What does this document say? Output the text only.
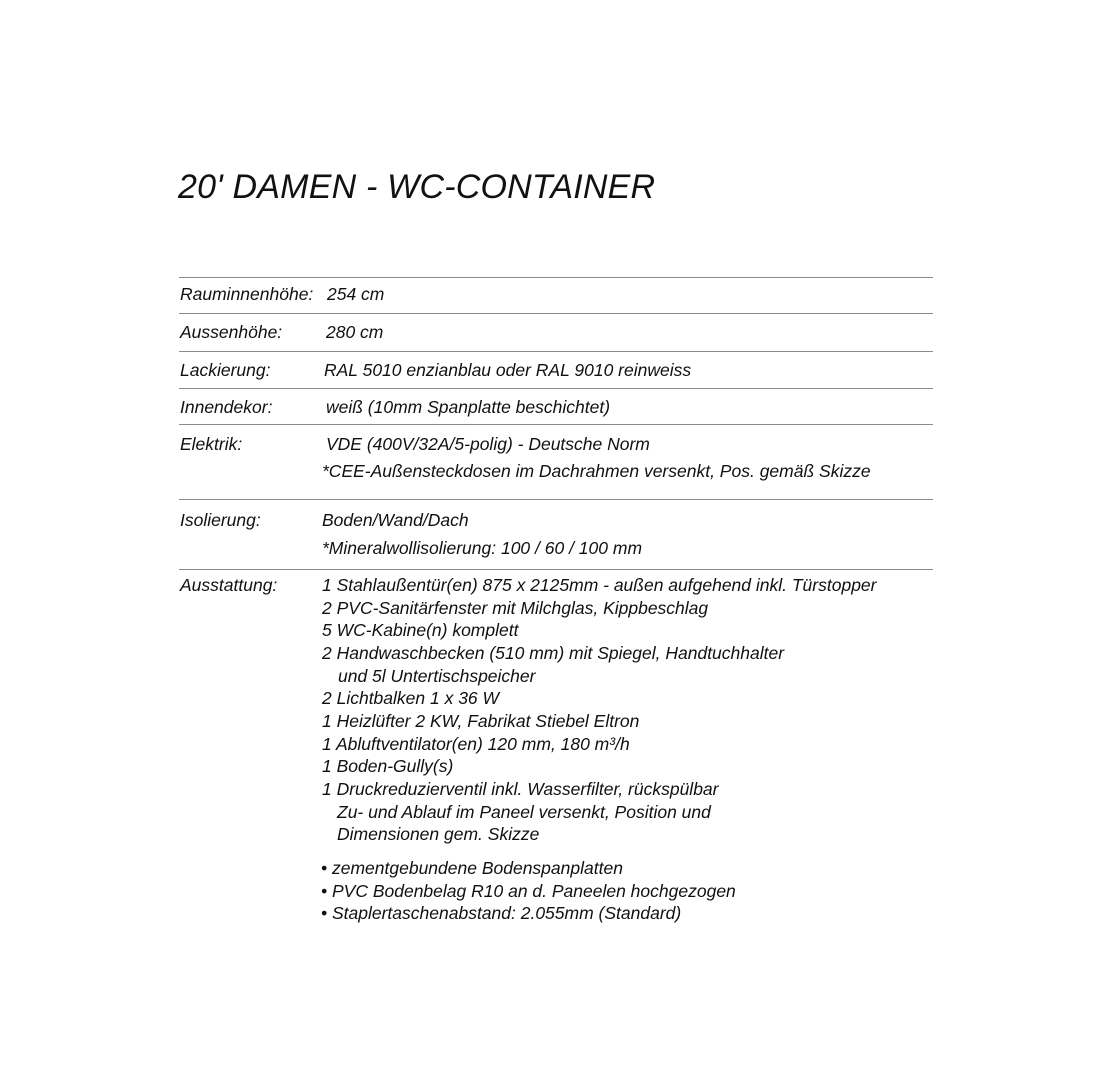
20' DAMEN - WC-CONTAINER
Rauminnenhöhe: 254 cm
Aussenhöhe:	280 cm
Lackierung:	RAL 5010 enzianblau oder RAL 9010 reinweiss
Innendekor:	weiß (10mm Spanplatte beschichtet)
Elektrik:	VDE (400V/32A/5-polig) - Deutsche Norm
*CEE-Außensteckdosen im Dachrahmen versenkt, Pos. gemäß Skizze
Isolierung:	Boden/Wand/Dach
*Mineralwollisolierung: 100 / 60 / 100 mm
Ausstattung:	1 Stahlaußentür(en) 875 x 2125mm - außen aufgehend inkl. Türstopper
2 PVC-Sanitärfenster mit Milchglas, Kippbeschlag
5 WC-Kabine(n) komplett
2 Handwaschbecken (510 mm) mit Spiegel, Handtuchhalter
und 5l Untertischspeicher
2 Lichtbalken 1 x 36 W
1 Heizlüfter 2 KW, Fabrikat Stiebel Eltron
1 Abluftventilator(en) 120 mm, 180 m³/h
1 Boden-Gully(s)
1 Druckreduzierventil inkl. Wasserfilter, rückspülbar
Zu- und Ablauf im Paneel versenkt, Position und
Dimensionen gem. Skizze
• zementgebundene Bodenspanplatten
• PVC Bodenbelag R10 an d. Paneelen hochgezogen
• Staplertaschenabstand: 2.055mm (Standard)
